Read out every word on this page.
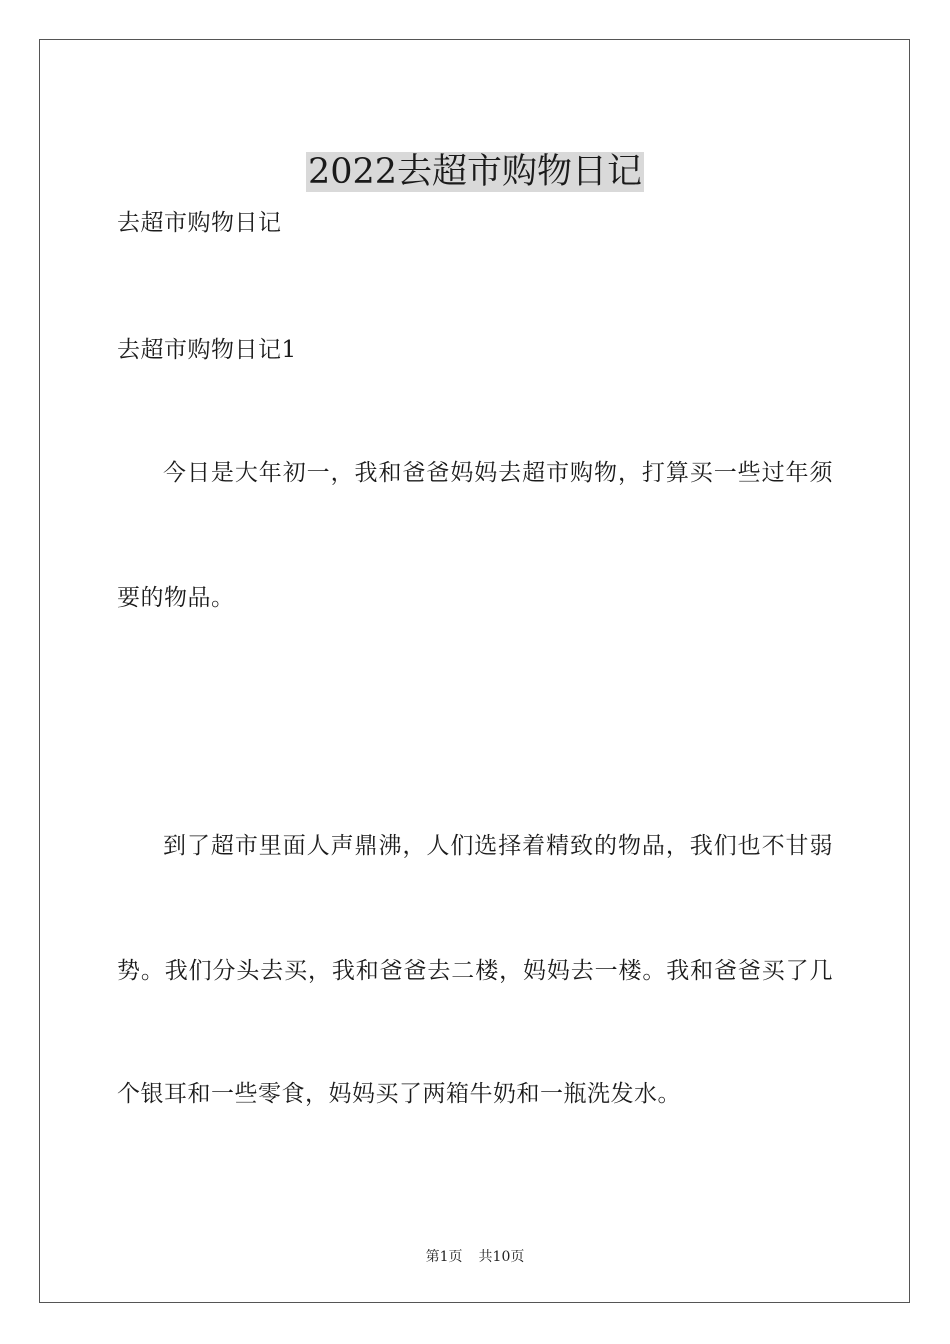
2022去超市购物日记
去超市购物日记
去超市购物日记1
今日是大年初一，我和爸爸妈妈去超市购物，打算买一些过年须
要的物品。
到了超市里面人声鼎沸，人们选择着精致的物品，我们也不甘弱
势。我们分头去买，我和爸爸去二楼，妈妈去一楼。我和爸爸买了几
个银耳和一些零食，妈妈买了两箱牛奶和一瓶洗发水。
第1页 共10页
